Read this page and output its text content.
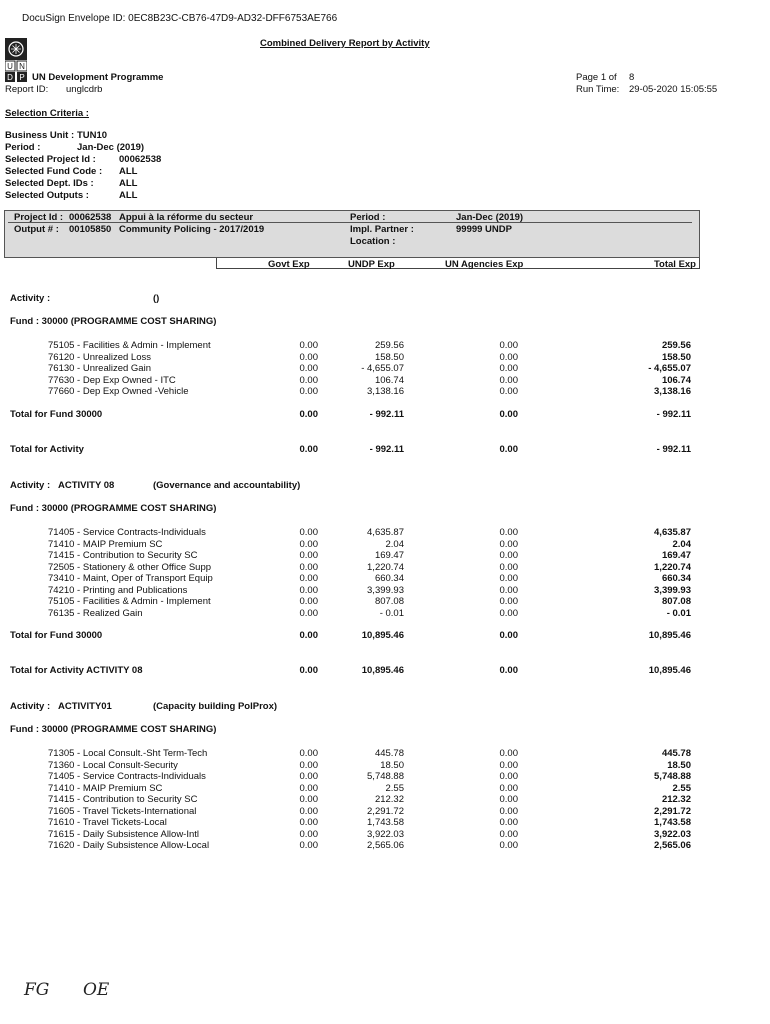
DocuSign Envelope ID: 0EC8B23C-CB76-47D9-AD32-DFF6753AE766
Combined Delivery Report by Activity
U N
D P UN Development Programme
Report ID: unglcdrb
Page 1 of 8
Run Time: 29-05-2020 15:05:55
Selection Criteria :
Business Unit : TUN10
Period :	Jan-Dec (2019)
Selected Project Id : 00062538
Selected Fund Code : ALL
Selected Dept. IDs :	ALL
Selected Outputs :	ALL
Project Id : 00062538 Appui à la réforme du secteur	Period :	Jan-Dec (2019)
Output # : 00105850 Community Policing - 2017/2019	Impl. Partner :	99999 UNDP
Location :
Govt Exp	UNDP Exp	UN Agencies Exp	Total Exp
Activity :	()
Fund : 30000 (PROGRAMME COST SHARING)
75105 - Facilities & Admin - Implement	0.00	259.56	0.00	259.56
76120 - Unrealized Loss	0.00	158.50	0.00	158.50
76130 - Unrealized Gain	0.00	- 4,655.07	0.00	- 4,655.07
77630 - Dep Exp Owned - ITC	0.00	106.74	0.00	106.74
77660 - Dep Exp Owned -Vehicle	0.00	3,138.16	0.00	3,138.16
Total for Fund 30000	0.00	- 992.11	0.00	- 992.11
Total for Activity	0.00	- 992.11	0.00	- 992.11
Activity : ACTIVITY 08	(Governance and accountability)
Fund : 30000 (PROGRAMME COST SHARING)
71405 - Service Contracts-Individuals	0.00	4,635.87	0.00	4,635.87
71410 - MAIP Premium SC	0.00	2.04	0.00	2.04
71415 - Contribution to Security SC	0.00	169.47	0.00	169.47
72505 - Stationery & other Office Supp	0.00	1,220.74	0.00	1,220.74
73410 - Maint, Oper of Transport Equip	0.00	660.34	0.00	660.34
74210 - Printing and Publications	0.00	3,399.93	0.00	3,399.93
75105 - Facilities & Admin - Implement	0.00	807.08	0.00	807.08
76135 - Realized Gain	0.00	- 0.01	0.00	- 0.01
Total for Fund 30000	0.00	10,895.46	0.00	10,895.46
Total for Activity ACTIVITY 08	0.00	10,895.46	0.00	10,895.46
Activity : ACTIVITY01	(Capacity building PolProx)
Fund : 30000 (PROGRAMME COST SHARING)
71305 - Local Consult.-Sht Term-Tech	0.00	445.78	0.00	445.78
71360 - Local Consult-Security	0.00	18.50	0.00	18.50
71405 - Service Contracts-Individuals	0.00	5,748.88	0.00	5,748.88
71410 - MAIP Premium SC	0.00	2.55	0.00	2.55
71415 - Contribution to Security SC	0.00	212.32	0.00	212.32
71605 - Travel Tickets-International	0.00	2,291.72	0.00	2,291.72
71610 - Travel Tickets-Local	0.00	1,743.58	0.00	1,743.58
71615 - Daily Subsistence Allow-Intl	0.00	3,922.03	0.00	3,922.03
71620 - Daily Subsistence Allow-Local	0.00	2,565.06	0.00	2,565.06
FG OE
